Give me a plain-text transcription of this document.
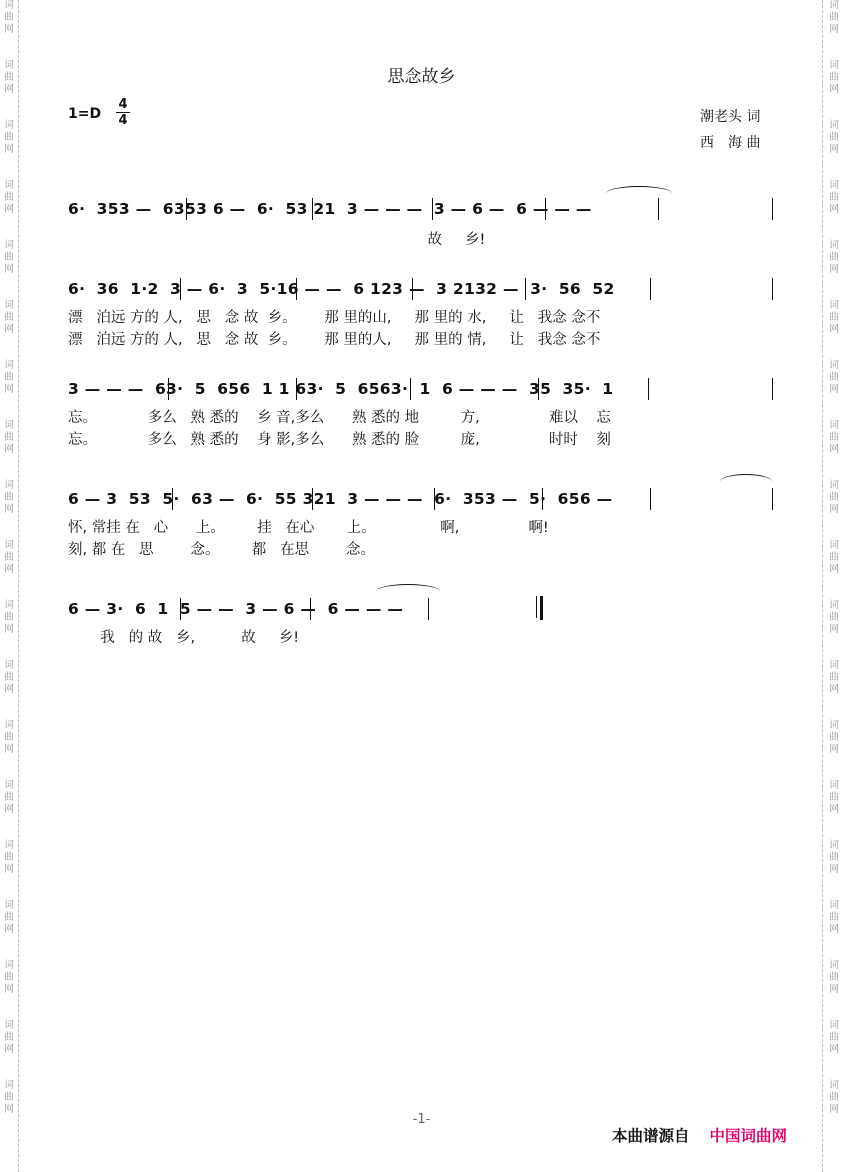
词
曲
网
词
曲
网
词
曲
网
词
曲
网
词
曲
网
词
曲
网
词
曲
网
词
曲
网
词
曲
网
词
曲
网
词
曲
网
词
曲
网
词
曲
网
词
曲
网
词
曲
网
词
曲
网
词
曲
网
词
曲
网
词
曲
网
词
曲
网
词
曲
网
词
曲
网
词
曲
网
词
曲
网
词
曲
网
词
曲
网
词
曲
网
词
曲
网
词
曲
网
词
曲
网
词
曲
网
词
曲
网
词
曲
网
词
曲
网
词
曲
网
词
曲
网
词
曲
网
词
曲
网
思念故乡
1=D
4
4	潮老头 词
西　海 曲
6·  353 —  6353 6 —  6·  53 21  3 — — —  3 — 6 —  6 — — —
故     乡!
6·  36  1·2  3 — 6·  3  5·16 — —  6 123 —  3 2132 —  3·  56  52
漂   泊远 方的 人,   思   念 故  乡。      那 里的山,     那 里的 水,     让   我念 念不
漂   泊远 方的 人,   思   念 故  乡。      那 里的人,     那 里的 情,     让   我念 念不
3 — — —  63·  5  656  1 1 63·  5  6563·  1  6 — — —  35  35·  1
忘。           多么   熟 悉的    乡 音,多么      熟 悉的 地         方,               难以    忘
忘。           多么   熟 悉的    身 影,多么      熟 悉的 脸         庞,               时时    刻
6 — 3  53  5·  63 —  6·  55 321  3 — — —  6·  353 —  5·  656 —
怀, 常挂 在   心      上。       挂   在心       上。              啊,               啊!
刻, 都 在   思        念。       都   在思        念。
6 — 3·  6  1  5 — —  3 — 6 —  6 — — —
我   的 故   乡,          故     乡!
-1-
本曲谱源自 中国词曲网
